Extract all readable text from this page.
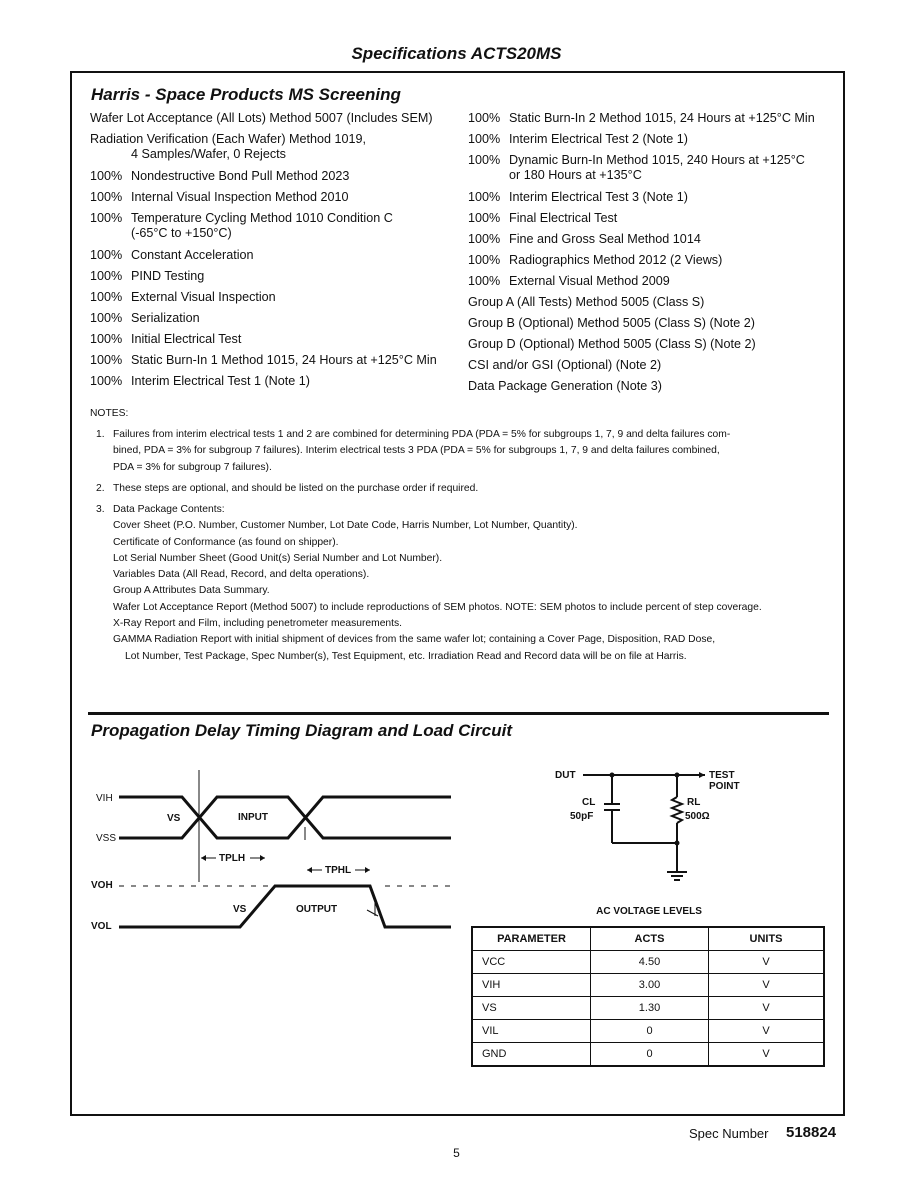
Specifications ACTS20MS
Harris - Space Products MS Screening
Wafer Lot Acceptance (All Lots) Method 5007 (Includes SEM)
Radiation Verification (Each Wafer) Method 1019,
4 Samples/Wafer, 0 Rejects
100% Nondestructive Bond Pull Method 2023
100% Internal Visual Inspection Method 2010
100% Temperature Cycling Method 1010 Condition C
(-65°C to +150°C)
100% Constant Acceleration
100% PIND Testing
100% External Visual Inspection
100% Serialization
100% Initial Electrical Test
100% Static Burn-In 1 Method 1015, 24 Hours at +125°C Min
100% Interim Electrical Test 1 (Note 1)
100% Static Burn-In 2 Method 1015, 24 Hours at +125°C Min
100% Interim Electrical Test 2 (Note 1)
100% Dynamic Burn-In Method 1015, 240 Hours at +125°C
or 180 Hours at +135°C
100% Interim Electrical Test 3 (Note 1)
100% Final Electrical Test
100% Fine and Gross Seal Method 1014
100% Radiographics Method 2012 (2 Views)
100% External Visual Method 2009
Group A (All Tests) Method 5005 (Class S)
Group B (Optional) Method 5005 (Class S) (Note 2)
Group D (Optional) Method 5005 (Class S) (Note 2)
CSI and/or GSI (Optional) (Note 2)
Data Package Generation (Note 3)
NOTES:
1. Failures from interim electrical tests 1 and 2 are combined for determining PDA (PDA = 5% for subgroups 1, 7, 9 and delta failures com-
bined, PDA = 3% for subgroup 7 failures). Interim electrical tests 3 PDA (PDA = 5% for subgroups 1, 7, 9 and delta failures combined,
PDA = 3% for subgroup 7 failures).
2. These steps are optional, and should be listed on the purchase order if required.
3. Data Package Contents:
Cover Sheet (P.O. Number, Customer Number, Lot Date Code, Harris Number, Lot Number, Quantity).
Certificate of Conformance (as found on shipper).
Lot Serial Number Sheet (Good Unit(s) Serial Number and Lot Number).
Variables Data (All Read, Record, and delta operations).
Group A Attributes Data Summary.
Wafer Lot Acceptance Report (Method 5007) to include reproductions of SEM photos. NOTE: SEM photos to include percent of step coverage.
X-Ray Report and Film, including penetrometer measurements.
GAMMA Radiation Report with initial shipment of devices from the same wafer lot; containing a Cover Page, Disposition, RAD Dose,
Lot Number, Test Package, Spec Number(s), Test Equipment, etc. Irradiation Read and Record data will be on file at Harris.
Propagation Delay Timing Diagram and Load Circuit
VIH
VSS
VS	INPUT
TPLH
TPHL
VOH
VOL
VS	OUTPUT
DUT	TEST
POINT
CL
50pF
RL
500Ω
AC VOLTAGE LEVELS
PARAMETER	ACTS	UNITS
VCC	4.50	V
VIH	3.00	V
VS	1.30	V
VIL	0	V
GND	0	V
Spec Number 518824
5
